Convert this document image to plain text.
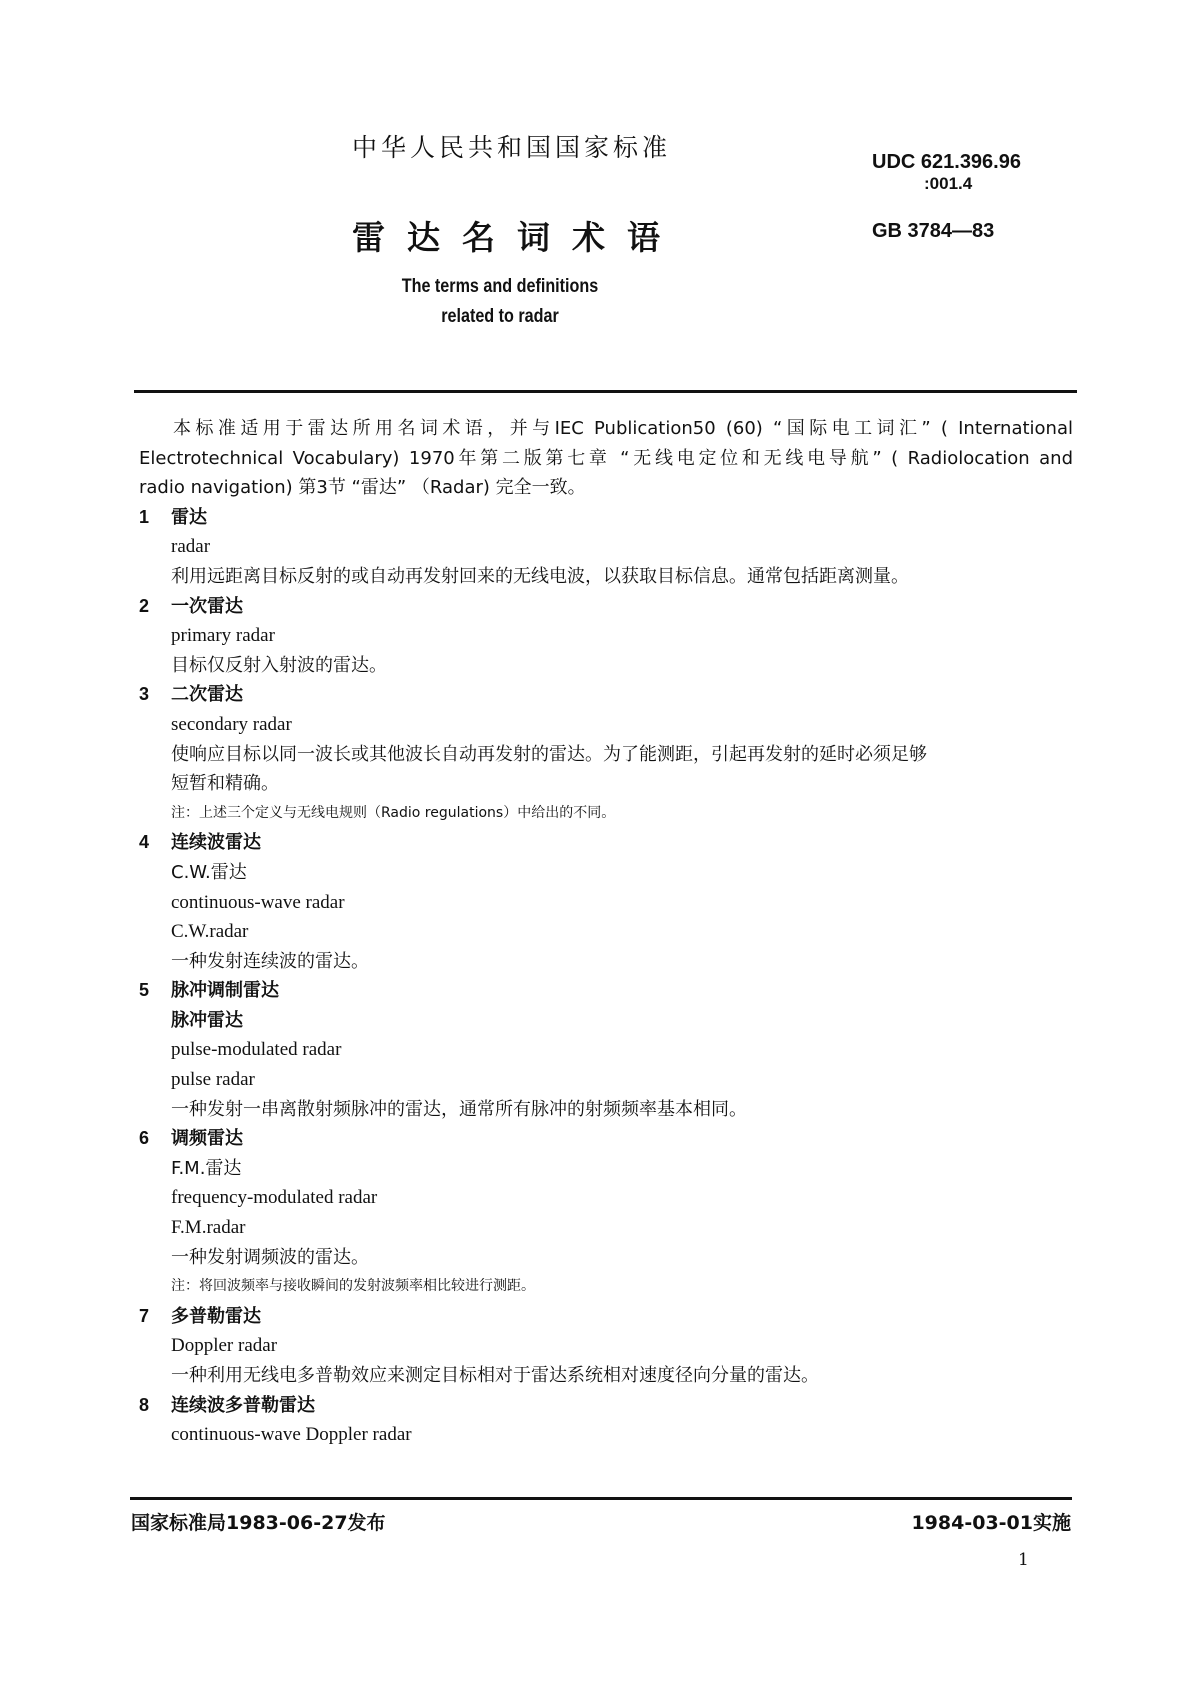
中华人民共和国国家标准
雷达名词术语
The terms and definitions
related to radar
UDC 621.396.96
:001.4
GB 3784—83
本标准适用于雷达所用名词术语，并与IEC Publication50 (60) “国际电工词汇” ( International
Electrotechnical Vocabulary) 1970年第二版第七章 “无线电定位和无线电导航” ( Radiolocation and
radio navigation) 第3节 “雷达” （Radar) 完全一致。
1 雷达
radar
利用远距离目标反射的或自动再发射回来的无线电波，以获取目标信息。通常包括距离测量。
2 一次雷达
primary radar
目标仅反射入射波的雷达。
3 二次雷达
secondary radar
使响应目标以同一波长或其他波长自动再发射的雷达。为了能测距，引起再发射的延时必须足够
短暂和精确。
注：上述三个定义与无线电规则（Radio regulations）中给出的不同。
4 连续波雷达
C.W.雷达
continuous-wave radar
C.W.radar
一种发射连续波的雷达。
5 脉冲调制雷达
脉冲雷达
pulse-modulated radar
pulse radar
一种发射一串离散射频脉冲的雷达，通常所有脉冲的射频频率基本相同。
6 调频雷达
F.M.雷达
frequency-modulated radar
F.M.radar
一种发射调频波的雷达。
注：将回波频率与接收瞬间的发射波频率相比较进行测距。
7 多普勒雷达
Doppler radar
一种利用无线电多普勒效应来测定目标相对于雷达系统相对速度径向分量的雷达。
8 连续波多普勒雷达
continuous-wave Doppler radar
国家标准局1983-06-27发布	1984-03-01实施
1
